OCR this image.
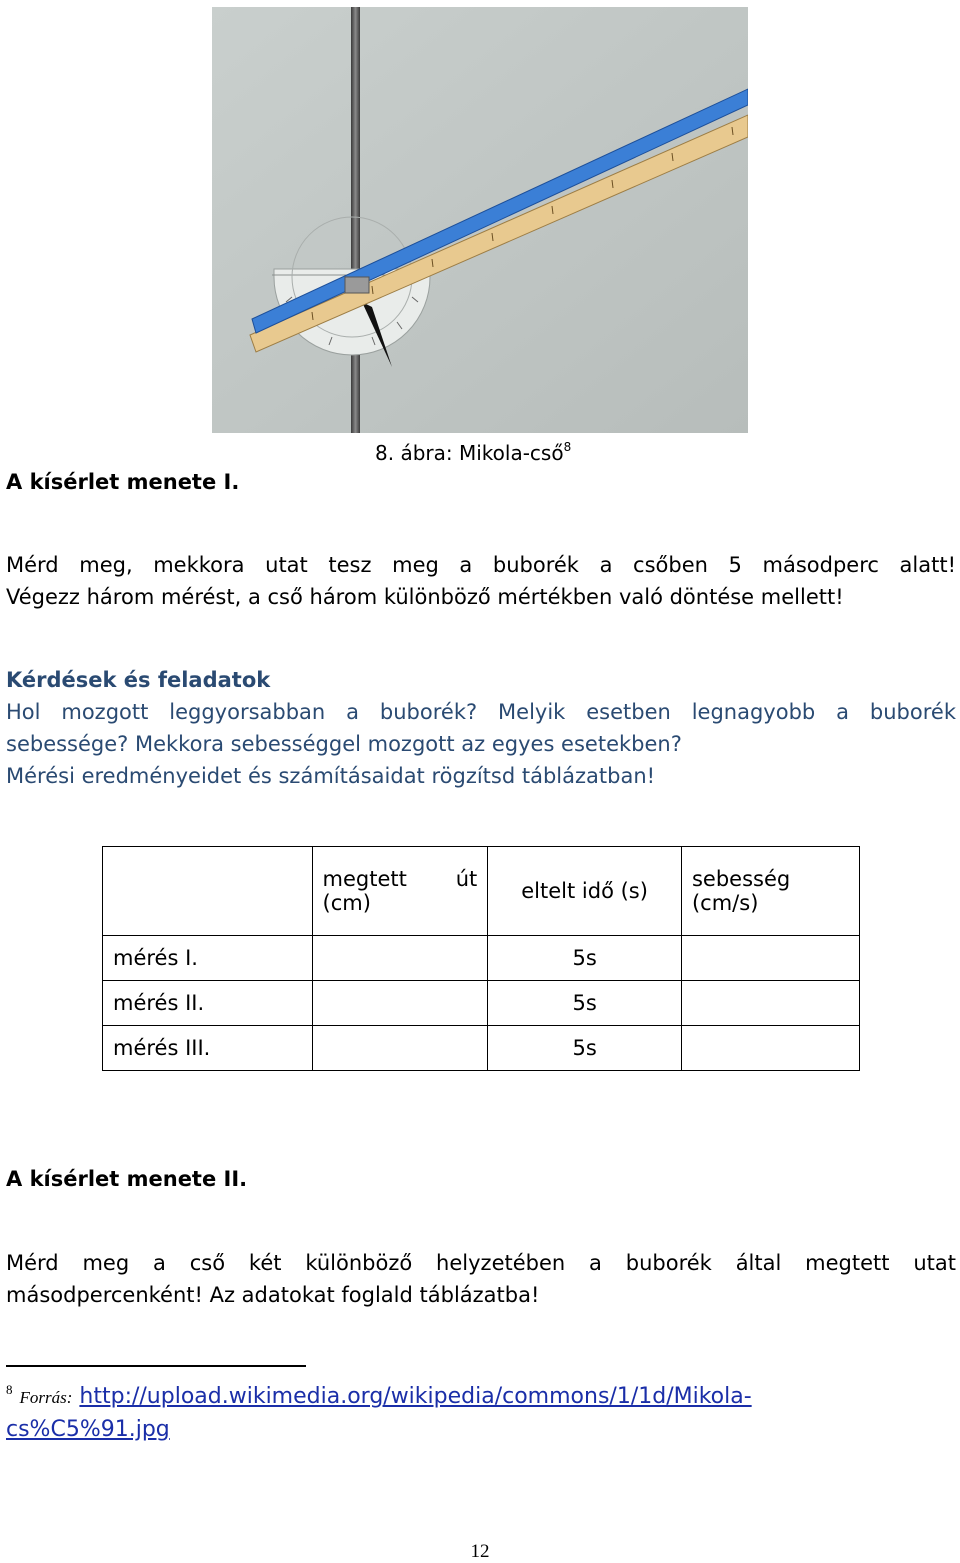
8. ábra: Mikola-cső$^8$
A kísérlet menete I.
Mérd meg, mekkora utat tesz meg a buborék a csőben 5 másodperc alatt!
Végezz három mérést, a cső három különböző mértékben való döntése mellett!
Kérdések és feladatok
Hol mozgott leggyorsabban a buborék? Melyik esetben legnagyobb a buborék
sebessége? Mekkora sebességgel mozgott az egyes esetekben?
Mérési eredményeidet és számításaidat rögzítsd táblázatban!
	megtett út (cm)	eltelt idő (s)	sebesség (cm/s)
mérés I.		5s	
mérés II.		5s	
mérés III.		5s	
A kísérlet menete II.
Mérd meg a cső két különböző helyzetében a buborék által megtett utat
másodpercenként! Az adatokat foglald táblázatba!
$^8$ Forrás: http://upload.wikimedia.org/wikipedia/commons/1/1d/Mikola-
cs%C5%91.jpg
12
